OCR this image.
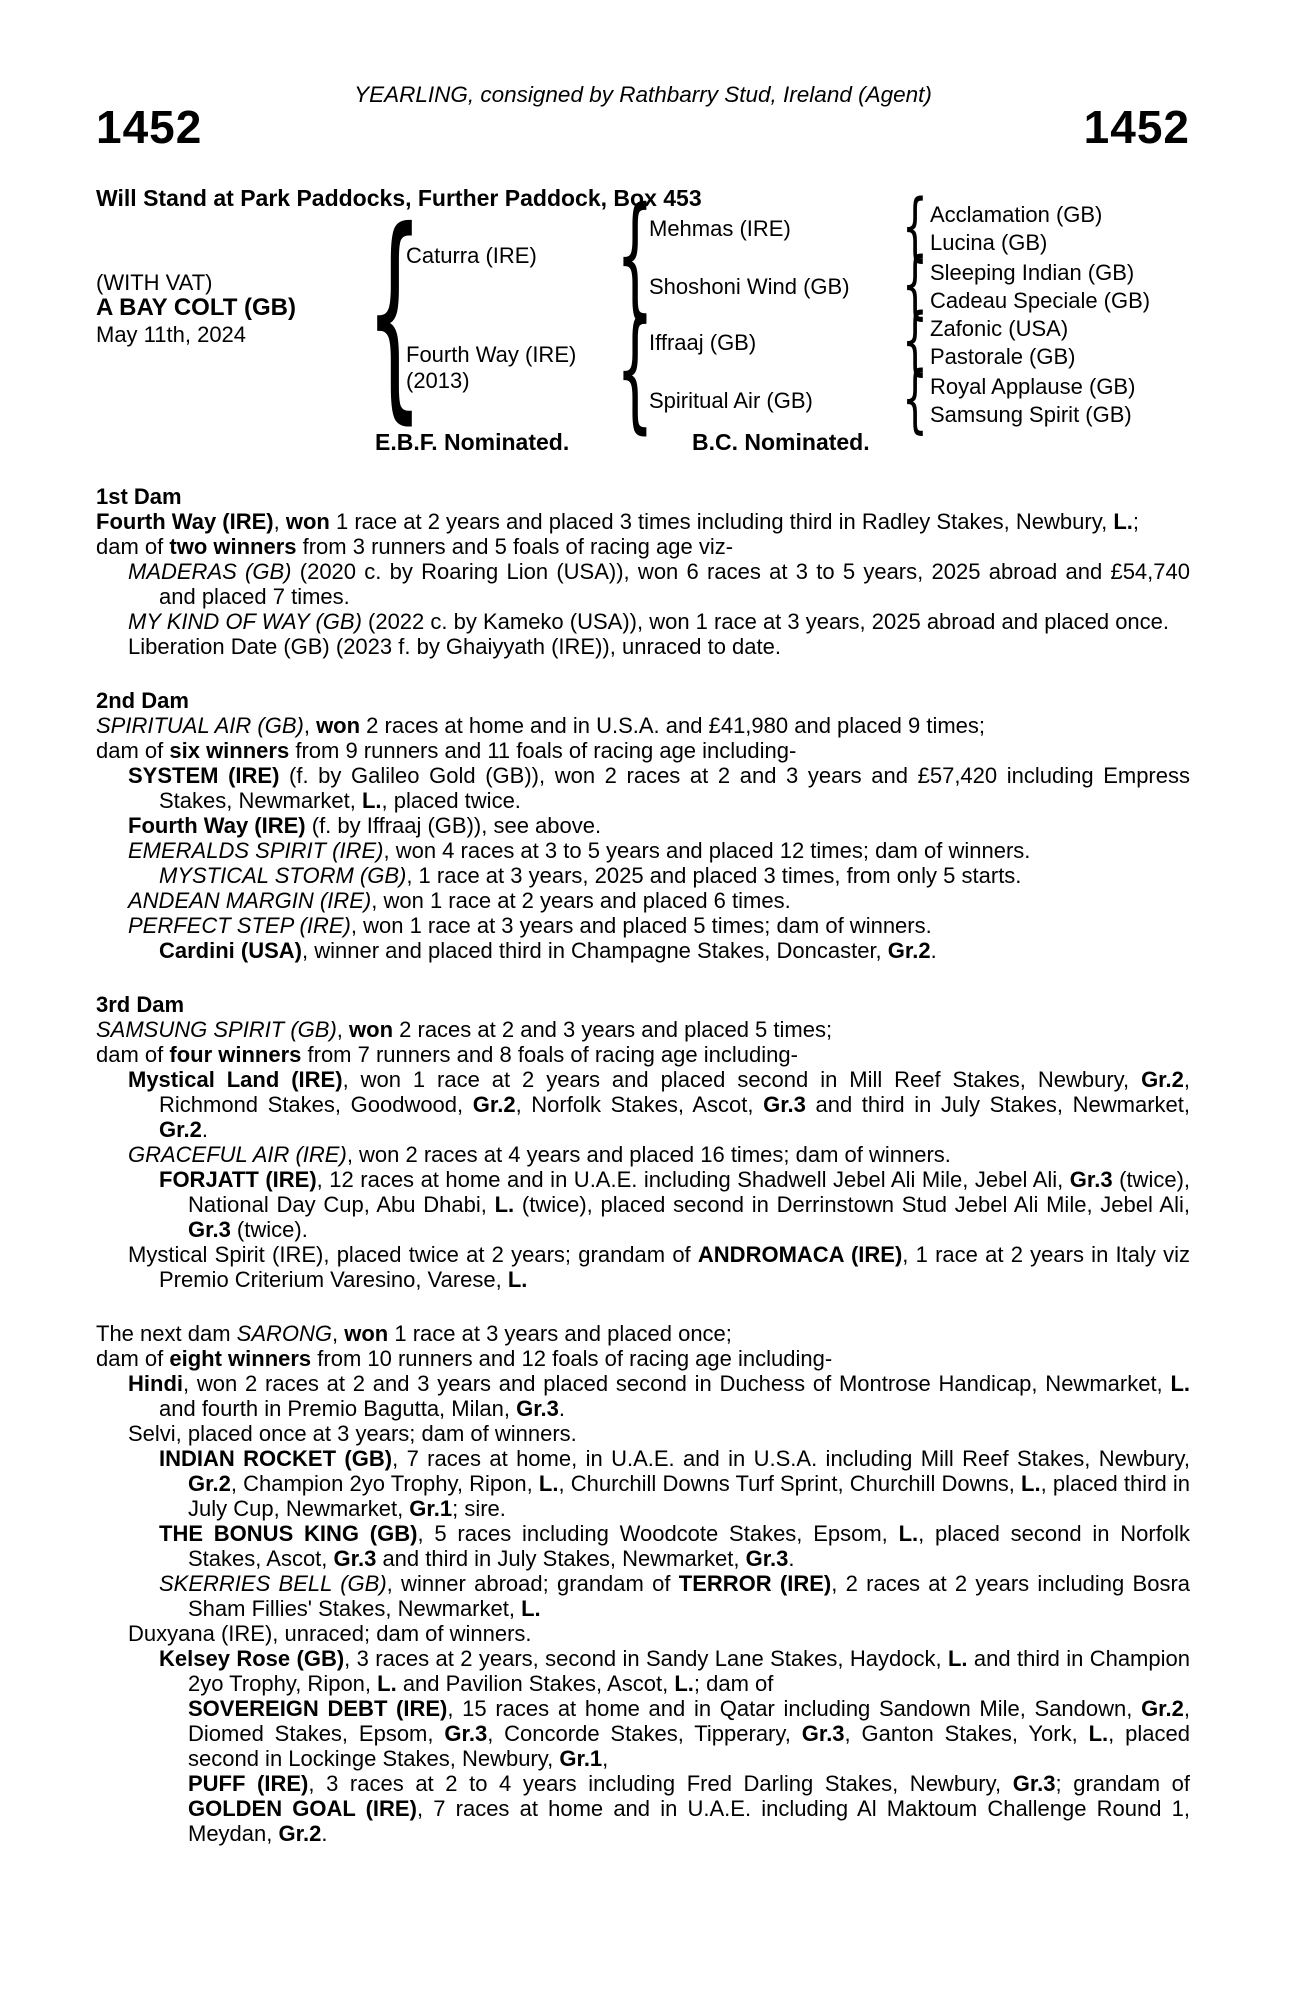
YEARLING, consigned by Rathbarry Stud, Ireland (Agent)
1452	1452
Will Stand at Park Paddocks, Further Paddock, Box 453
(WITH VAT)
A BAY COLT (GB)
May 11th, 2024
{
Caturra (IRE)
Fourth Way (IRE)
(2013)
{
{
Mehmas (IRE)
Shoshoni Wind (GB)
Iffraaj (GB)
Spiritual Air (GB)
{
{
{
{
Acclamation (GB)
Lucina (GB)
Sleeping Indian (GB)
Cadeau Speciale (GB)
Zafonic (USA)
Pastorale (GB)
Royal Applause (GB)
Samsung Spirit (GB)
E.B.F. Nominated.	B.C. Nominated.
1st Dam

Fourth Way (IRE), won 1 race at 2 years and placed 3 times including third in Radley Stakes, Newbury, L.;

dam of two winners from 3 runners and 5 foals of racing age viz-

MADERAS (GB) (2020 c. by Roaring Lion (USA)), won 6 races at 3 to 5 years, 2025 abroad and £54,740 and placed 7 times.

MY KIND OF WAY (GB) (2022 c. by Kameko (USA)), won 1 race at 3 years, 2025 abroad and placed once.

Liberation Date (GB) (2023 f. by Ghaiyyath (IRE)), unraced to date.

2nd Dam

SPIRITUAL AIR (GB), won 2 races at home and in U.S.A. and £41,980 and placed 9 times;

dam of six winners from 9 runners and 11 foals of racing age including-

SYSTEM (IRE) (f. by Galileo Gold (GB)), won 2 races at 2 and 3 years and £57,420 including Empress Stakes, Newmarket, L., placed twice.

Fourth Way (IRE) (f. by Iffraaj (GB)), see above.

EMERALDS SPIRIT (IRE), won 4 races at 3 to 5 years and placed 12 times; dam of winners.

MYSTICAL STORM (GB), 1 race at 3 years, 2025 and placed 3 times, from only 5 starts.

ANDEAN MARGIN (IRE), won 1 race at 2 years and placed 6 times.

PERFECT STEP (IRE), won 1 race at 3 years and placed 5 times; dam of winners.

Cardini (USA), winner and placed third in Champagne Stakes, Doncaster, Gr.2.

3rd Dam

SAMSUNG SPIRIT (GB), won 2 races at 2 and 3 years and placed 5 times;

dam of four winners from 7 runners and 8 foals of racing age including-

Mystical Land (IRE), won 1 race at 2 years and placed second in Mill Reef Stakes, Newbury, Gr.2, Richmond Stakes, Goodwood, Gr.2, Norfolk Stakes, Ascot, Gr.3 and third in July Stakes, Newmarket, Gr.2.

GRACEFUL AIR (IRE), won 2 races at 4 years and placed 16 times; dam of winners.

FORJATT (IRE), 12 races at home and in U.A.E. including Shadwell Jebel Ali Mile, Jebel Ali, Gr.3 (twice), National Day Cup, Abu Dhabi, L. (twice), placed second in Derrinstown Stud Jebel Ali Mile, Jebel Ali, Gr.3 (twice).

Mystical Spirit (IRE), placed twice at 2 years; grandam of ANDROMACA (IRE), 1 race at 2 years in Italy viz Premio Criterium Varesino, Varese, L.

The next dam SARONG, won 1 race at 3 years and placed once;

dam of eight winners from 10 runners and 12 foals of racing age including-

Hindi, won 2 races at 2 and 3 years and placed second in Duchess of Montrose Handicap, Newmarket, L. and fourth in Premio Bagutta, Milan, Gr.3.

Selvi, placed once at 3 years; dam of winners.

INDIAN ROCKET (GB), 7 races at home, in U.A.E. and in U.S.A. including Mill Reef Stakes, Newbury, Gr.2, Champion 2yo Trophy, Ripon, L., Churchill Downs Turf Sprint, Churchill Downs, L., placed third in July Cup, Newmarket, Gr.1; sire.

THE BONUS KING (GB), 5 races including Woodcote Stakes, Epsom, L., placed second in Norfolk Stakes, Ascot, Gr.3 and third in July Stakes, Newmarket, Gr.3.

SKERRIES BELL (GB), winner abroad; grandam of TERROR (IRE), 2 races at 2 years including Bosra Sham Fillies' Stakes, Newmarket, L.

Duxyana (IRE), unraced; dam of winners.

Kelsey Rose (GB), 3 races at 2 years, second in Sandy Lane Stakes, Haydock, L. and third in Champion 2yo Trophy, Ripon, L. and Pavilion Stakes, Ascot, L.; dam of

SOVEREIGN DEBT (IRE), 15 races at home and in Qatar including Sandown Mile, Sandown, Gr.2, Diomed Stakes, Epsom, Gr.3, Concorde Stakes, Tipperary, Gr.3, Ganton Stakes, York, L., placed second in Lockinge Stakes, Newbury, Gr.1,

PUFF (IRE), 3 races at 2 to 4 years including Fred Darling Stakes, Newbury, Gr.3; grandam of GOLDEN GOAL (IRE), 7 races at home and in U.A.E. including Al Maktoum Challenge Round 1, Meydan, Gr.2.
